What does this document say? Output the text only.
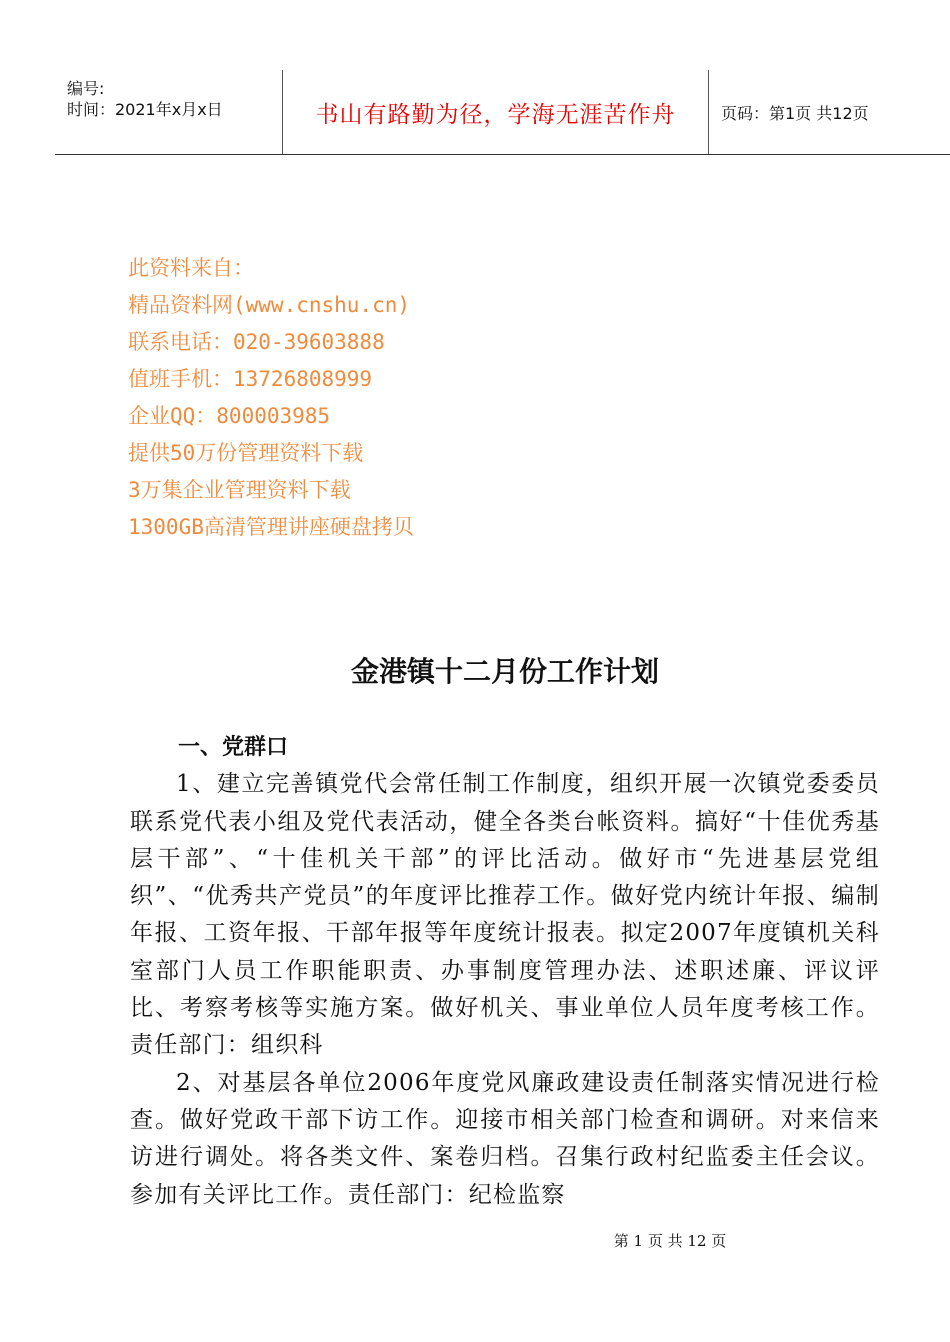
编号:
时间：2021年x月x日	书山有路勤为径，学海无涯苦作舟	页码：第1页 共12页
此资料来自：
精品资料网(www.cnshu.cn)
联系电话：020-39603888
值班手机：13726808999
企业QQ：800003985
提供50万份管理资料下载
3万集企业管理资料下载
1300GB高清管理讲座硬盘拷贝
金港镇十二月份工作计划
一、党群口

1、建立完善镇党代会常任制工作制度，组织开展一次镇党委委员联系党代表小组及党代表活动，健全各类台帐资料。搞好“十佳优秀基层干部”、“十佳机关干部”的评比活动。做好市“先进基层党组织”、“优秀共产党员”的年度评比推荐工作。做好党内统计年报、编制年报、工资年报、干部年报等年度统计报表。拟定2007年度镇机关科室部门人员工作职能职责、办事制度管理办法、述职述廉、评议评比、考察考核等实施方案。做好机关、事业单位人员年度考核工作。责任部门：组织科

2、对基层各单位2006年度党风廉政建设责任制落实情况进行检查。做好党政干部下访工作。迎接市相关部门检查和调研。对来信来访进行调处。将各类文件、案卷归档。召集行政村纪监委主任会议。参加有关评比工作。责任部门：纪检监察

第 1 页 共 12 页
